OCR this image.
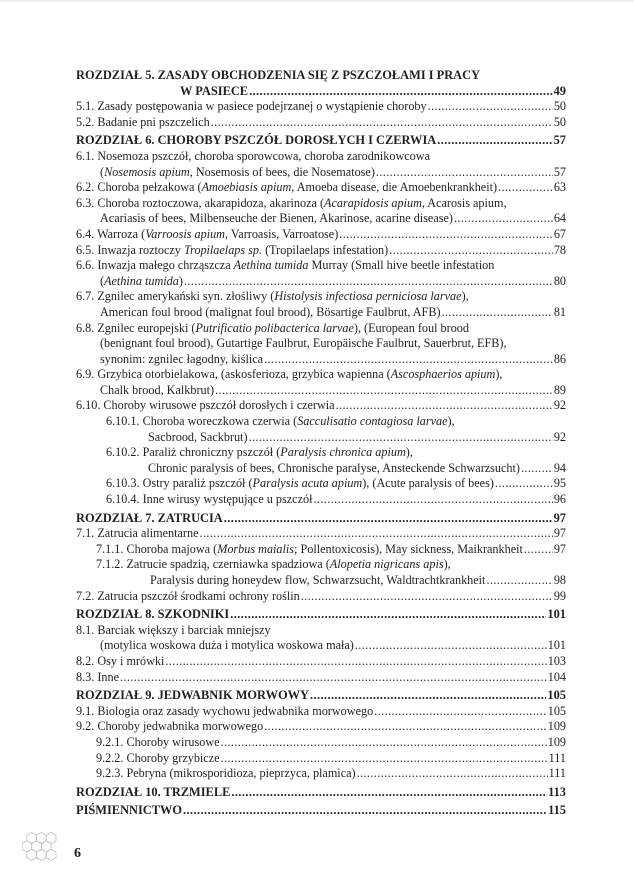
ROZDZIAŁ 5. ZASADY OBCHODZENIA SIĘ Z PSZCZOŁAMI I PRACY
W PASIECE .....	49
5.1. Zasady postępowania w pasiece podejrzanej o wystąpienie choroby .....	50
5.2. Badanie pni pszczelich .....	50
ROZDZIAŁ 6. CHOROBY PSZCZÓŁ DOROSŁYCH I CZERWIA .....	57
6.1. Nosemoza pszczół, choroba sporowcowa, choroba zarodnikowcowa
(Nosemosis apium, Nosemosis of bees, die Nosematose) .....	57
6.2. Choroba pełzakowa (Amoebiasis apium, Amoeba disease, die Amoebenkrankheit) .....	63
6.3. Choroba roztoczowa, akarapidoza, akarinoza (Acarapidosis apium, Acarosis apium,
Acariasis of bees, Milbenseuche der Bienen, Akarinose, acarine disease) .....	64
6.4. Warroza (Varroosis apium, Varroasis, Varroatose) .....	67
6.5. Inwazja roztoczy Tropilaelaps sp. (Tropilaelaps infestation) .....	78
6.6. Inwazja małego chrząszcza Aethina tumida Murray (Small hive beetle infestation
(Aethina tumida) .....	80
6.7. Zgnilec amerykański syn. złośliwy (Histolysis infectiosa perniciosa larvae),
American foul brood (malignat foul brood), Bösartige Faulbrut, AFB) .....	81
6.8. Zgnilec europejski (Putrificatio polibacterica larvae), (European foul brood
(benignant foul brood), Gutartige Faulbrut, Europäische Faulbrut, Sauerbrut, EFB),
synonim: zgnilec łagodny, kiślica .....	86
6.9. Grzybica otorbielakowa, (askosferioza, grzybica wapienna (Ascosphaerios apium),
Chalk brood, Kalkbrut) .....	89
6.10. Choroby wirusowe pszczół dorosłych i czerwia .....	92
6.10.1. Choroba woreczkowa czerwia (Sacculisatio contagiosa larvae),
Sacbrood, Sackbrut) .....	92
6.10.2. Paraliż chroniczny pszczół (Paralysis chronica apium),
Chronic paralysis of bees, Chronische paralyse, Ansteckende Schwarzsucht) .....	94
6.10.3. Ostry paraliż pszczół (Paralysis acuta apium), (Acute paralysis of bees) .....	95
6.10.4. Inne wirusy występujące u pszczół .....	96
ROZDZIAŁ 7. ZATRUCIA .....	97
7.1. Zatrucia alimentarne .....	97
7.1.1. Choroba majowa (Morbus maialis; Pollentoxicosis), May sickness, Maikrankheit .....	97
7.1.2. Zatrucie spadzią, czerniawka spadziowa (Alopetia nigricans apis),
Paralysis during honeydew flow, Schwarzsucht, Waldtrachtkrankheit .....	98
7.2. Zatrucia pszczół środkami ochrony roślin .....	99
ROZDZIAŁ 8. SZKODNIKI .....	101
8.1. Barciak większy i barciak mniejszy
(motylica woskowa duża i motylica woskowa mała) .....	101
8.2. Osy i mrówki .....	103
8.3. Inne .....	104
ROZDZIAŁ 9. JEDWABNIK MORWOWY .....	105
9.1. Biologia oraz zasady wychowu jedwabnika morwowego .....	105
9.2. Choroby jedwabnika morwowego .....	109
9.2.1. Choroby wirusowe .....	109
9.2.2. Choroby grzybicze .....	111
9.2.3. Pebryna (mikrosporidioza, pieprzyca, plamica) .....	111
ROZDZIAŁ 10. TRZMIELE .....	113
PIŚMIENNICTWO .....	115
6
